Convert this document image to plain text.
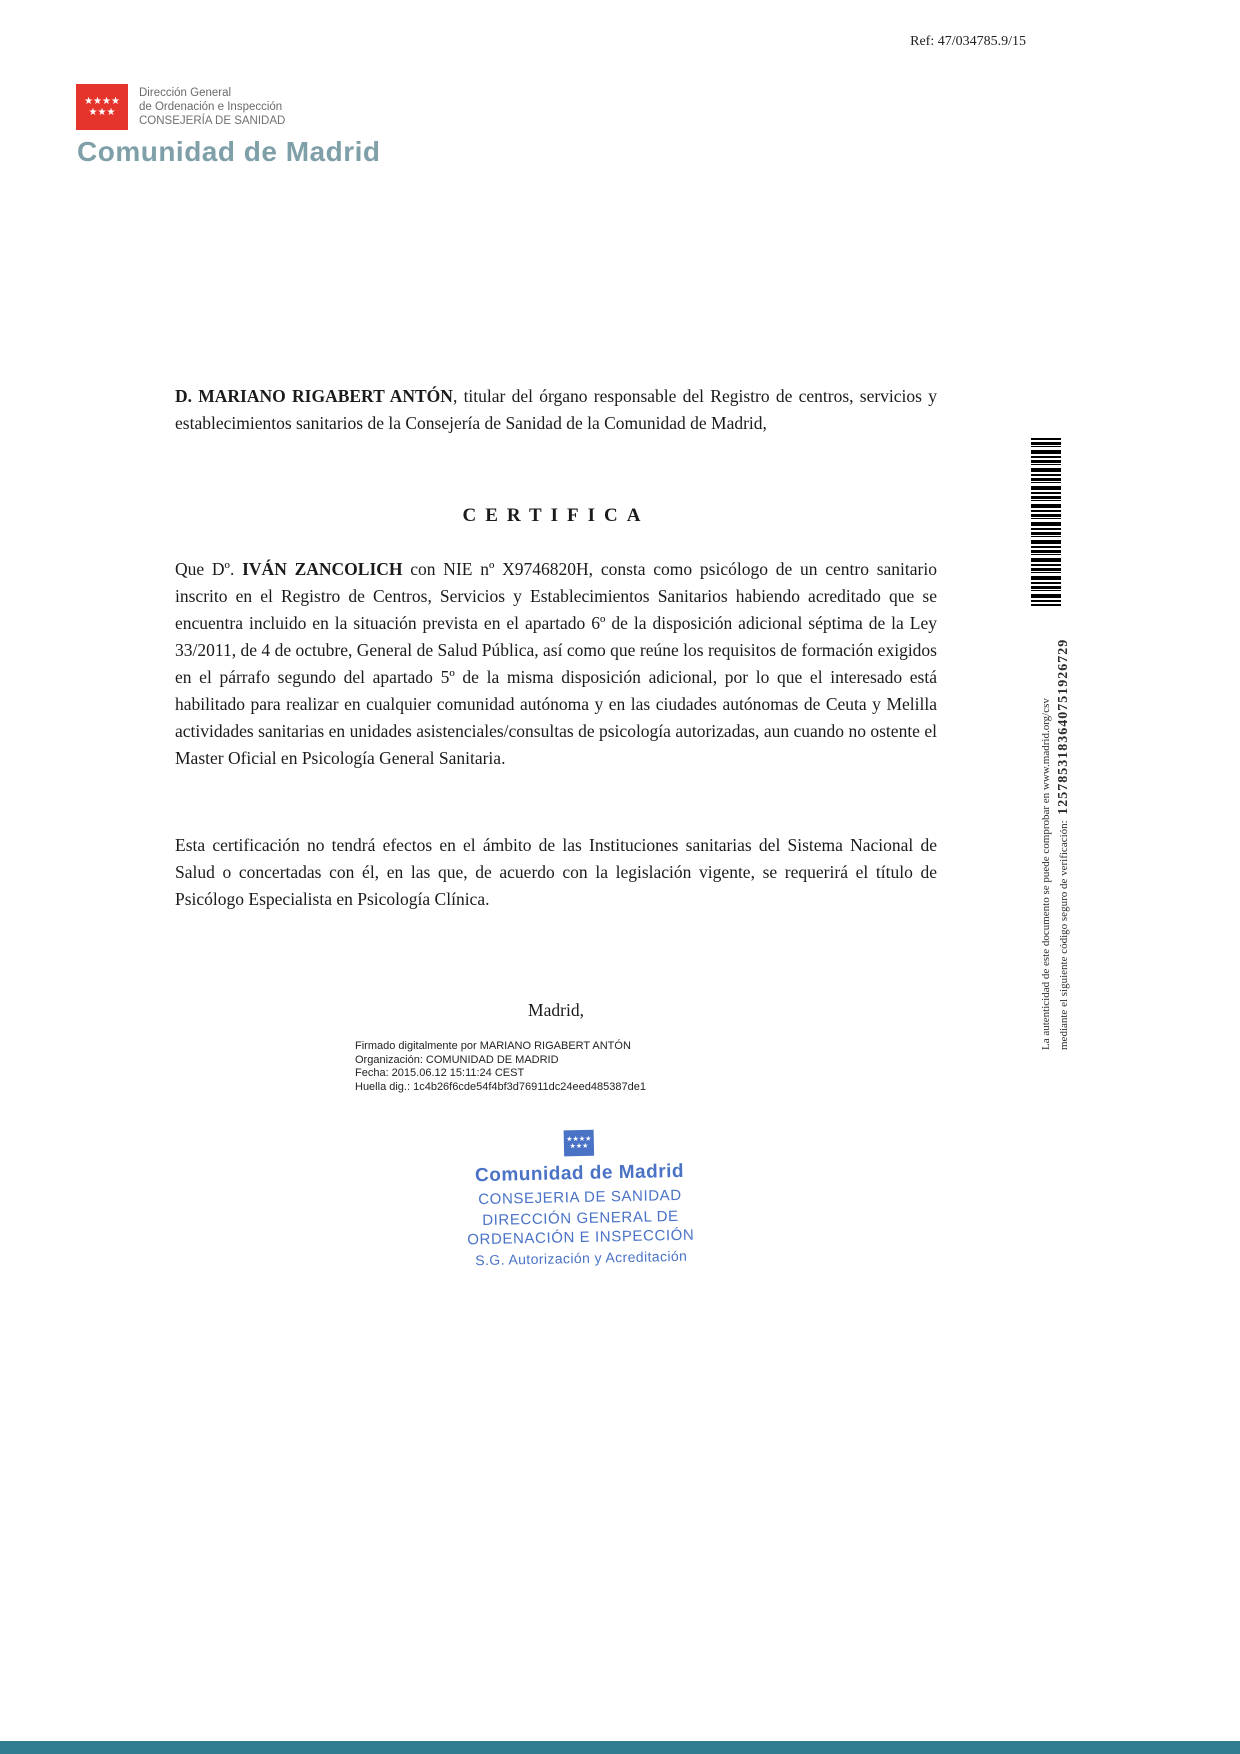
Ref: 47/034785.9/15
★★★★
★★★
Dirección General
de Ordenación e Inspección
CONSEJERÍA DE SANIDAD
Comunidad de Madrid

D. MARIANO RIGABERT ANTÓN, titular del órgano responsable del Registro de centros, servicios y establecimientos sanitarios de la Consejería de Sanidad de la Comunidad de Madrid,

CERTIFICA

Que Dº. IVÁN ZANCOLICH con NIE nº X9746820H, consta como psicólogo de un centro sanitario inscrito en el Registro de Centros, Servicios y Establecimientos Sanitarios habiendo acreditado que se encuentra incluido en la situación prevista en el apartado 6º de la disposición adicional séptima de la Ley 33/2011, de 4 de octubre, General de Salud Pública, así como que reúne los requisitos de formación exigidos en el párrafo segundo del apartado 5º de la misma disposición adicional, por lo que el interesado está habilitado para realizar en cualquier comunidad autónoma y en las ciudades autónomas de Ceuta y Melilla actividades sanitarias en unidades asistenciales/consultas de psicología autorizadas, aun cuando no ostente el Master Oficial en Psicología General Sanitaria.

Esta certificación no tendrá efectos en el ámbito de las Instituciones sanitarias del Sistema Nacional de Salud o concertadas con él, en las que, de acuerdo con la legislación vigente, se requerirá el título de Psicólogo Especialista en Psicología Clínica.

Madrid,
Firmado digitalmente por MARIANO RIGABERT ANTÓN
Organización: COMUNIDAD DE MADRID
Fecha: 2015.06.12 15:11:24 CEST
Huella dig.: 1c4b26f6cde54f4bf3d76911dc24eed485387de1
★★★★
★★★
Comunidad de Madrid
CONSEJERIA DE SANIDAD
DIRECCIÓN GENERAL DE
ORDENACIÓN E INSPECCIÓN
S.G. Autorización y Acreditación
La autenticidad de este documento se puede comprobar en www.madrid.org/csv mediante el siguiente código seguro de verificación:  1257853183640751926729
